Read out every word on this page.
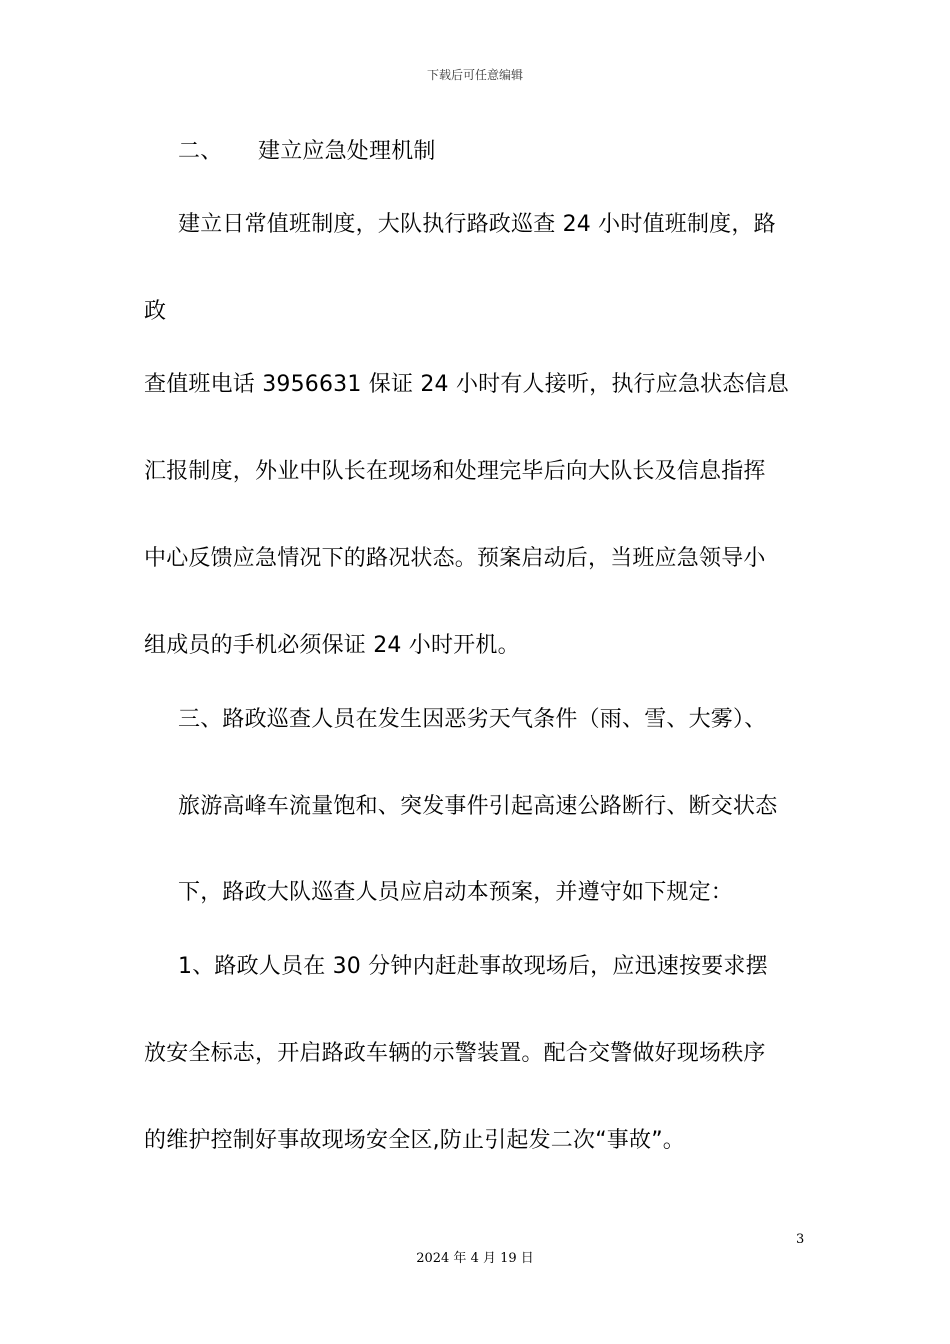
下载后可任意编辑
二、 建立应急处理机制
建立日常值班制度，大队执行路政巡查 24 小时值班制度，路
政
查值班电话 3956631 保证 24 小时有人接听，执行应急状态信息
汇报制度，外业中队长在现场和处理完毕后向大队长及信息指挥
中心反馈应急情况下的路况状态。预案启动后，当班应急领导小
组成员的手机必须保证 24 小时开机。
三、路政巡查人员在发生因恶劣天气条件（雨、雪、大雾）、
旅游高峰车流量饱和、突发事件引起高速公路断行、断交状态
下，路政大队巡查人员应启动本预案，并遵守如下规定：
1、路政人员在 30 分钟内赶赴事故现场后，应迅速按要求摆
放安全标志，开启路政车辆的示警装置。配合交警做好现场秩序
的维护控制好事故现场安全区,防止引起发二次“事故”。
3
2024 年 4 月 19 日
